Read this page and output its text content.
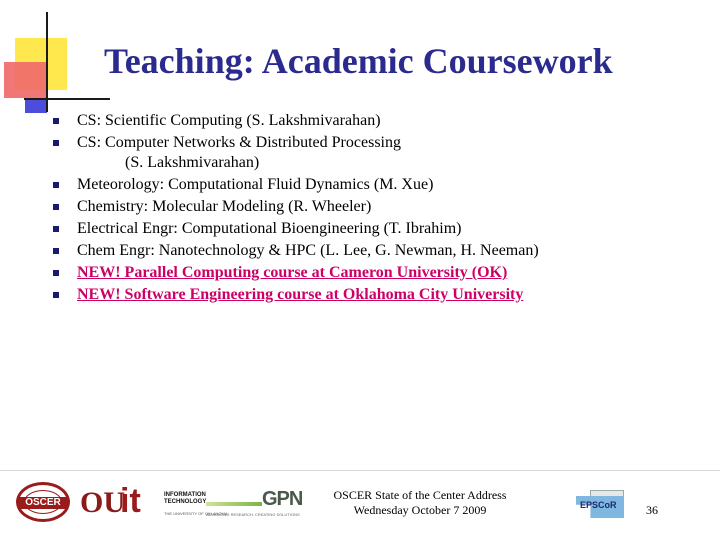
Teaching: Academic Coursework
CS: Scientific Computing (S. Lakshmivarahan)
CS: Computer Networks & Distributed Processing
(S. Lakshmivarahan)
Meteorology: Computational Fluid Dynamics (M. Xue)
Chemistry: Molecular Modeling (R. Wheeler)
Electrical Engr: Computational Bioengineering (T. Ibrahim)
Chem Engr: Nanotechnology & HPC (L. Lee, G. Newman, H. Neeman)
NEW! Parallel Computing course at Cameron University (OK)
NEW! Software Engineering course at Oklahoma City University
OSCER OU
it	INFORMATION
TECHNOLOGY
THE UNIVERSITY OF OKLAHOMA
GPN
ADVANCING RESEARCH. CREATING SOLUTIONS
OSCER State of the Center Address
Wednesday October 7 2009	EPSCoR 36
